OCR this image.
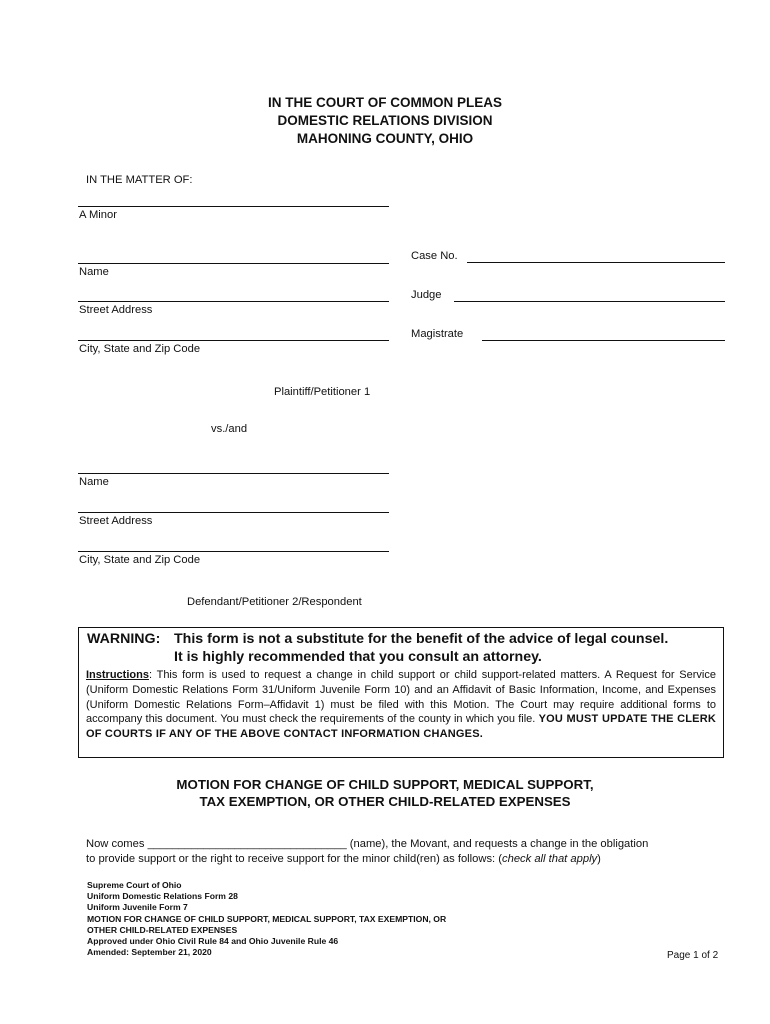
IN THE COURT OF COMMON PLEAS
DOMESTIC RELATIONS DIVISION
MAHONING COUNTY, OHIO
IN THE MATTER OF:
A Minor
Name
Street Address
City, State and Zip Code
Plaintiff/Petitioner 1
Case No.
Judge
Magistrate
vs./and
Name
Street Address
City, State and Zip Code
Defendant/Petitioner 2/Respondent
WARNING: This form is not a substitute for the benefit of the advice of legal counsel.
It is highly recommended that you consult an attorney.
Instructions: This form is used to request a change in child support or child support-related matters. A Request for Service (Uniform Domestic Relations Form 31/Uniform Juvenile Form 10) and an Affidavit of Basic Information, Income, and Expenses (Uniform Domestic Relations Form–Affidavit 1) must be filed with this Motion. The Court may require additional forms to accompany this document. You must check the requirements of the county in which you file. YOU MUST UPDATE THE CLERK OF COURTS IF ANY OF THE ABOVE CONTACT INFORMATION CHANGES.
MOTION FOR CHANGE OF CHILD SUPPORT, MEDICAL SUPPORT,
TAX EXEMPTION, OR OTHER CHILD-RELATED EXPENSES
Now comes ________________________________ (name), the Movant, and requests a change in the obligation
to provide support or the right to receive support for the minor child(ren) as follows: (check all that apply)
Supreme Court of Ohio
Uniform Domestic Relations Form 28
Uniform Juvenile Form 7
MOTION FOR CHANGE OF CHILD SUPPORT, MEDICAL SUPPORT, TAX EXEMPTION, OR
OTHER CHILD-RELATED EXPENSES
Approved under Ohio Civil Rule 84 and Ohio Juvenile Rule 46
Amended: September 21, 2020	Page 1 of 2
